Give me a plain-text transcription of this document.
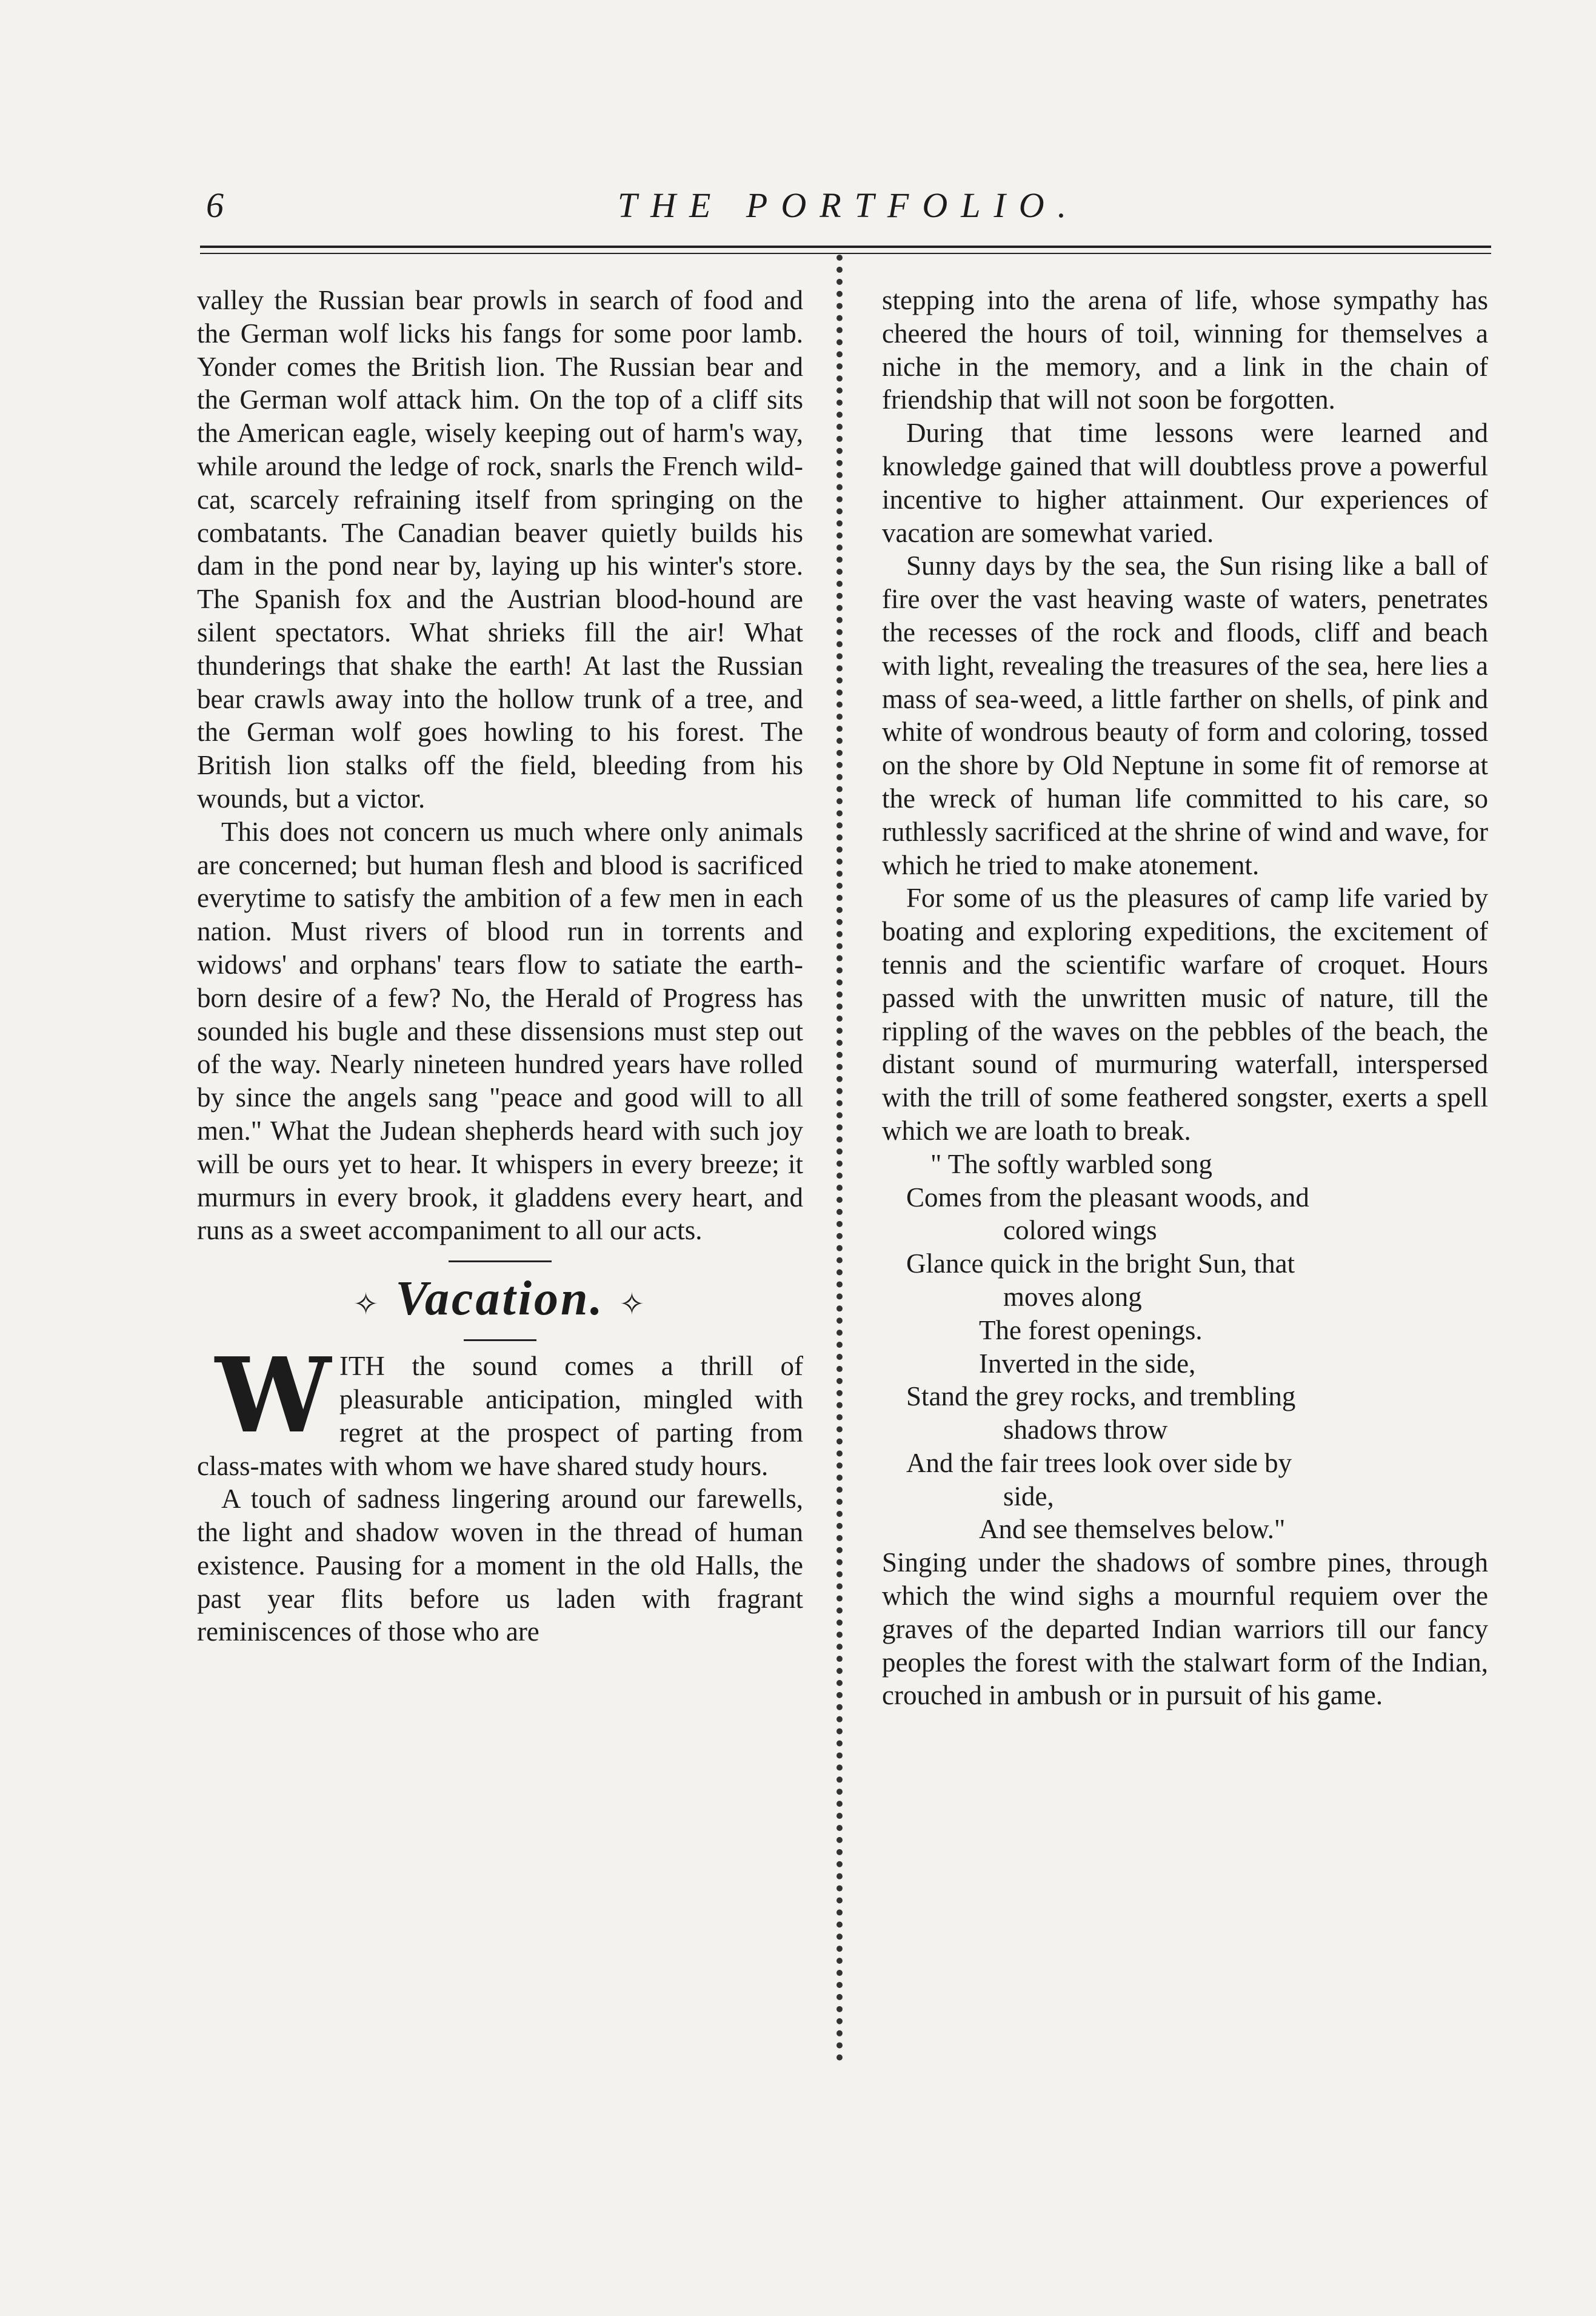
6	THE PORTFOLIO.

valley the Russian bear prowls in search of food and the German wolf licks his fangs for some poor lamb. Yonder comes the British lion. The Russian bear and the German wolf attack him. On the top of a cliff sits the American eagle, wisely keeping out of harm's way, while around the ledge of rock, snarls the French wild-cat, scarcely refraining itself from springing on the combatants. The Canadian beaver quietly builds his dam in the pond near by, laying up his winter's store. The Spanish fox and the Austrian blood-hound are silent spectators. What shrieks fill the air! What thunderings that shake the earth! At last the Russian bear crawls away into the hollow trunk of a tree, and the German wolf goes howling to his forest. The British lion stalks off the field, bleeding from his wounds, but a victor.

This does not concern us much where only animals are concerned; but human flesh and blood is sacrificed everytime to satisfy the ambition of a few men in each nation. Must rivers of blood run in torrents and widows' and orphans' tears flow to satiate the earth-born desire of a few? No, the Herald of Progress has sounded his bugle and these dissensions must step out of the way. Nearly nineteen hundred years have rolled by since the angels sang "peace and good will to all men." What the Judean shepherds heard with such joy will be ours yet to hear. It whispers in every breeze; it murmurs in every brook, it gladdens every heart, and runs as a sweet accompaniment to all our acts.

✧ Vacation. ✧

WITH the sound comes a thrill of pleasurable anticipation, mingled with regret at the prospect of parting from class-mates with whom we have shared study hours.

A touch of sadness lingering around our farewells, the light and shadow woven in the thread of human existence. Pausing for a moment in the old Halls, the past year flits before us laden with fragrant reminiscences of those who are

stepping into the arena of life, whose sympathy has cheered the hours of toil, winning for themselves a niche in the memory, and a link in the chain of friendship that will not soon be forgotten.

During that time lessons were learned and knowledge gained that will doubtless prove a powerful incentive to higher attainment. Our experiences of vacation are somewhat varied.

Sunny days by the sea, the Sun rising like a ball of fire over the vast heaving waste of waters, penetrates the recesses of the rock and floods, cliff and beach with light, revealing the treasures of the sea, here lies a mass of sea-weed, a little farther on shells, of pink and white of wondrous beauty of form and coloring, tossed on the shore by Old Neptune in some fit of remorse at the wreck of human life committed to his care, so ruthlessly sacrificed at the shrine of wind and wave, for which he tried to make atonement.

For some of us the pleasures of camp life varied by boating and exploring expeditions, the excitement of tennis and the scientific warfare of croquet. Hours passed with the unwritten music of nature, till the rippling of the waves on the pebbles of the beach, the distant sound of murmuring waterfall, interspersed with the trill of some feathered songster, exerts a spell which we are loath to break.

" The softly warbled song
Comes from the pleasant woods, and
colored wings
Glance quick in the bright Sun, that
moves along
The forest openings.
Inverted in the side,
Stand the grey rocks, and trembling
shadows throw
And the fair trees look over side by
side,
And see themselves below."

Singing under the shadows of sombre pines, through which the wind sighs a mournful requiem over the graves of the departed Indian warriors till our fancy peoples the forest with the stalwart form of the Indian, crouched in ambush or in pursuit of his game.
